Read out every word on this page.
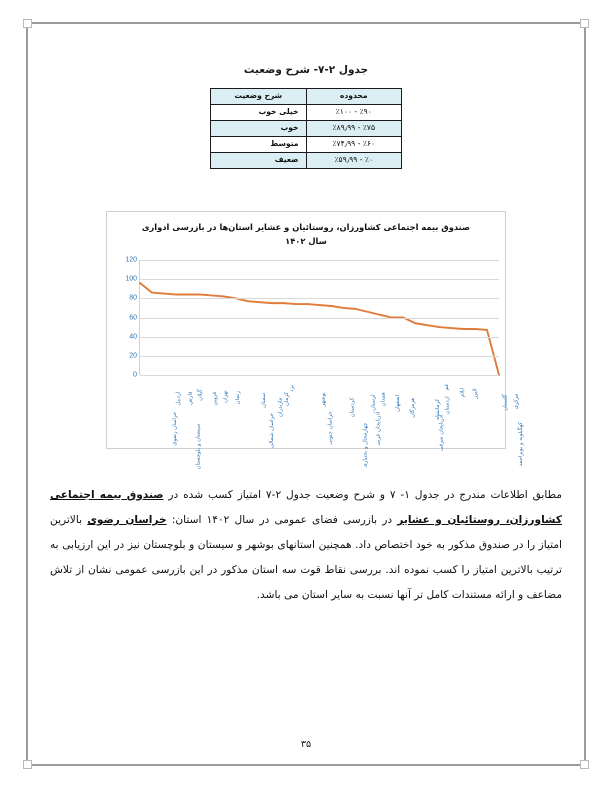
جدول ۲-۷- شرح وضعیت
محدوده	شرح وضعیت
٪۹۰ - ٪۱۰۰	خیلی خوب
٪۷۵ - ٪۸۹٫۹۹	خوب
٪۶۰ - ٪۷۴٫۹۹	متوسط
٪۰ - ٪۵۹٫۹۹	ضعیف
صندوق بیمه اجتماعی کشاورزان، روستائیان و عشایر استان‌ها در بازرسی ادواری
سال ۱۴۰۲
120
100
80
60
40
20
0
خراسان رضوی	سیستان و بلوچستان
اردبیل فارس گیلان قزوین تهران زنجان
خراسان شمالی
سمنان مازندران کرمان
یزد
خراسان جنوبی
بوشهر
چهارمحال و بختیاری
کردستان
آذربایجان غربی
لرستان همدان اصفهان هرمزگان
آذربایجان شرقی
کرمانشاه اردستان
قم
ایلام البرز
کهگیلویه و بویراحمد
گلستان مرکزی
مطابق اطلاعات مندرج در جدول ۱- ۷ و شرح وضعیت جدول ۲-۷ امتیاز کسب شده در صندوق بیمه اجتماعی کشاورزان، روستائیان و عشایر در بازرسی فضای عمومی در سال ۱۴۰۲ استان: خراسان رضوی بالاترین امتیاز را در صندوق مذکور به خود اختصاص داد. همچنین استانهای بوشهر و سیستان و بلوچستان نیز در این ارزیابی به ترتیب بالاترین امتیاز را کسب نموده اند. بررسی نقاط قوت سه استان مذکور در این بازرسی عمومی نشان از تلاش مضاعف و ارائه مستندات کامل تر آنها نسبت به سایر استان می باشد.
۳۵
